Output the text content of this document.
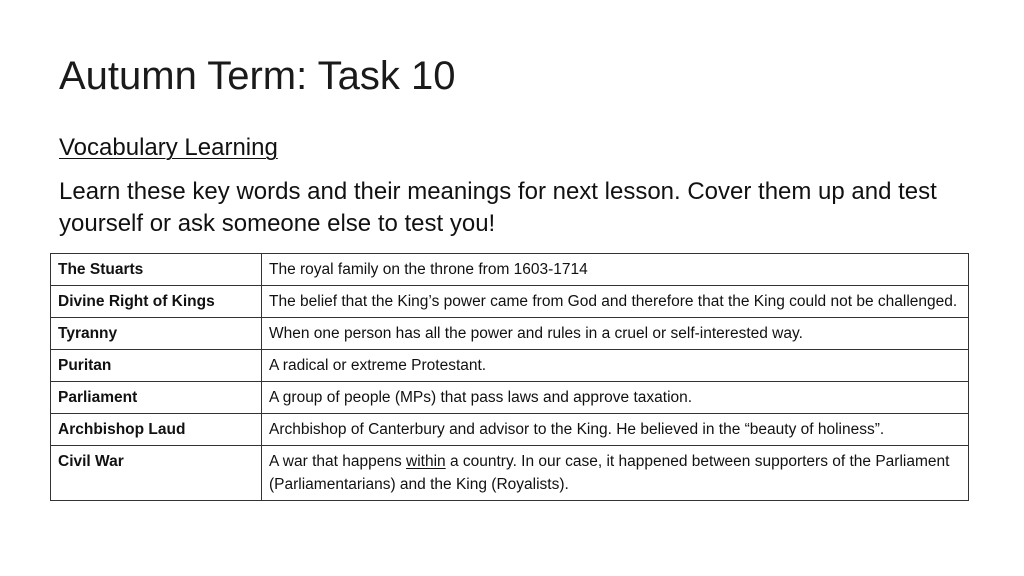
Autumn Term: Task 10
Vocabulary Learning

Learn these key words and their meanings for next lesson. Cover them up and test yourself or ask someone else to test you!

The Stuarts	The royal family on the throne from 1603-1714
Divine Right of Kings	The belief that the King’s power came from God and therefore that the King could not be challenged.
Tyranny	When one person has all the power and rules in a cruel or self-interested way.
Puritan	A radical or extreme Protestant.
Parliament	A group of people (MPs) that pass laws and approve taxation.
Archbishop Laud	Archbishop of Canterbury and advisor to the King. He believed in the “beauty of holiness”.
Civil War	A war that happens within a country. In our case, it happened between supporters of the Parliament (Parliamentarians) and the King (Royalists).
